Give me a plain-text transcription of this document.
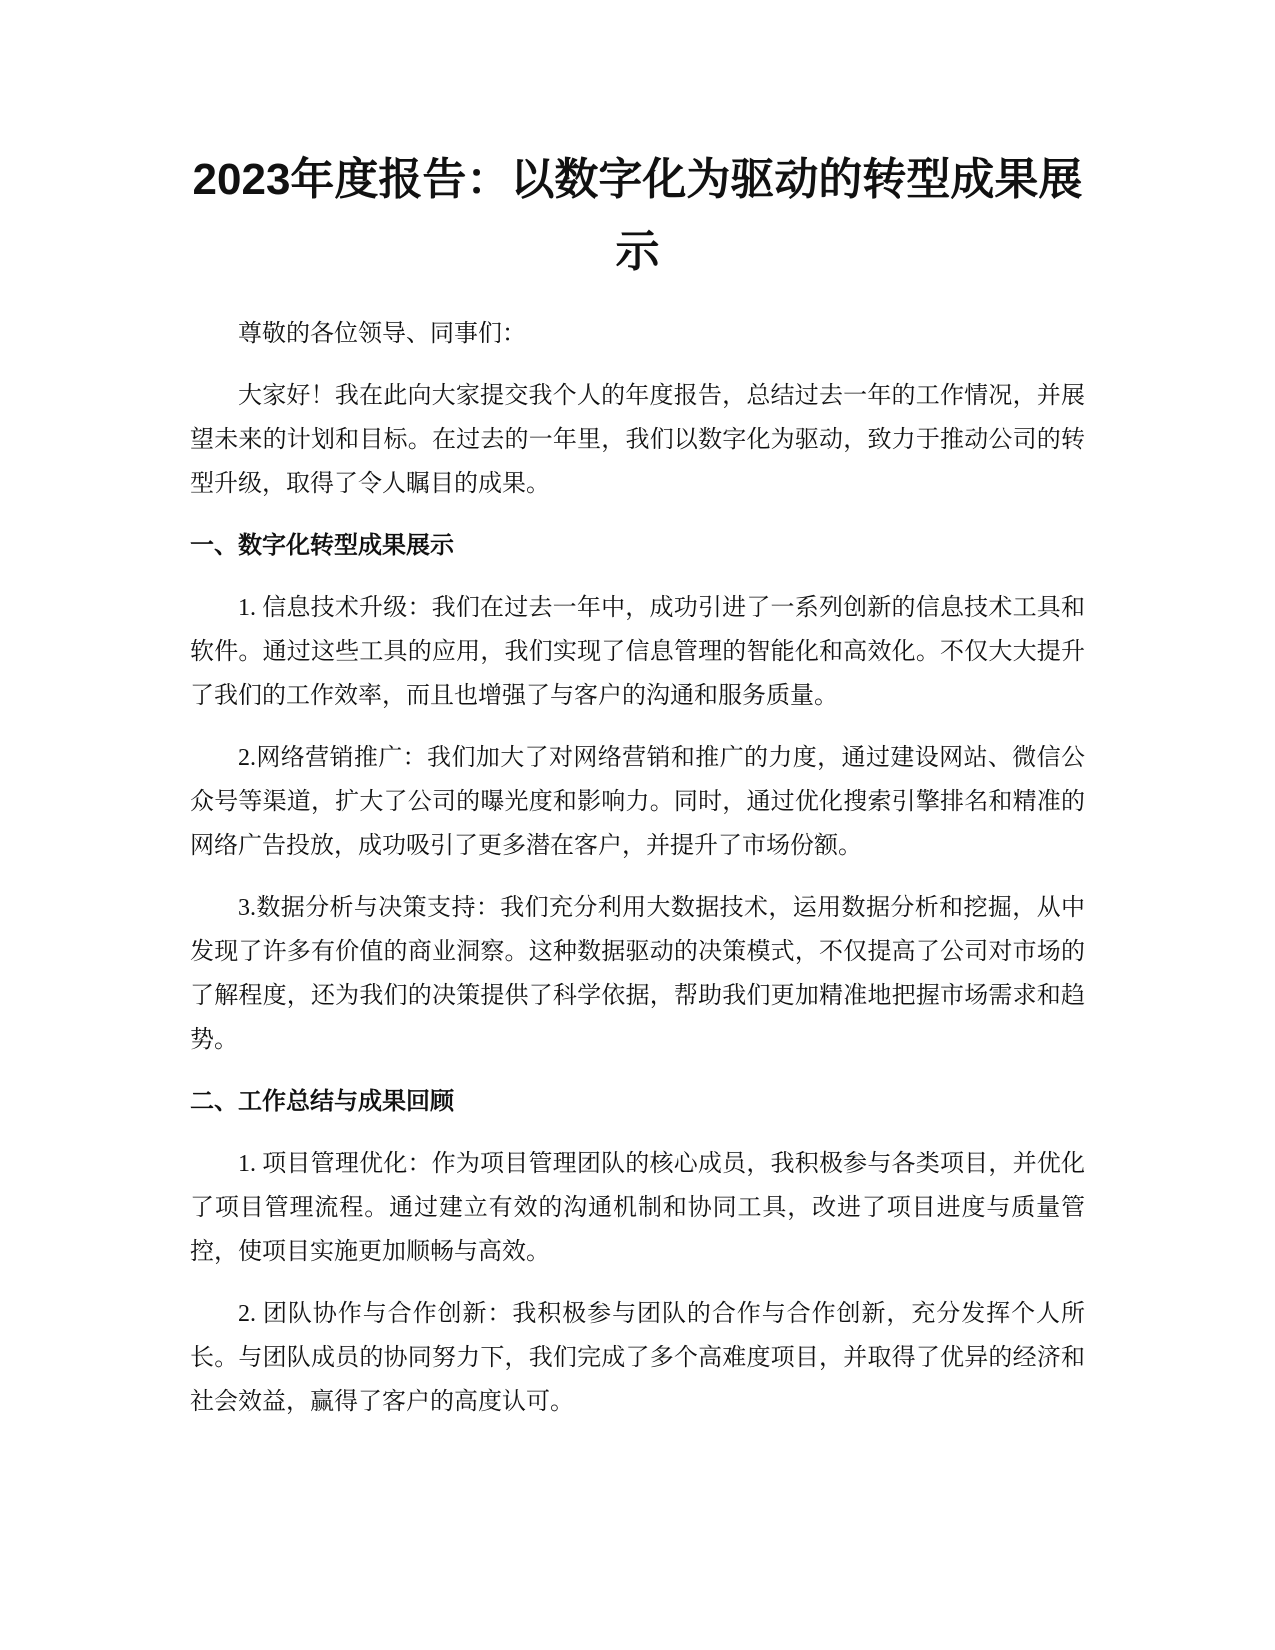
2023年度报告：以数字化为驱动的转型成果展示

尊敬的各位领导、同事们：

大家好！我在此向大家提交我个人的年度报告，总结过去一年的工作情况，并展望未来的计划和目标。在过去的一年里，我们以数字化为驱动，致力于推动公司的转型升级，取得了令人瞩目的成果。

一、数字化转型成果展示

1. 信息技术升级：我们在过去一年中，成功引进了一系列创新的信息技术工具和软件。通过这些工具的应用，我们实现了信息管理的智能化和高效化。不仅大大提升了我们的工作效率，而且也增强了与客户的沟通和服务质量。

2.网络营销推广：我们加大了对网络营销和推广的力度，通过建设网站、微信公众号等渠道，扩大了公司的曝光度和影响力。同时，通过优化搜索引擎排名和精准的网络广告投放，成功吸引了更多潜在客户，并提升了市场份额。

3.数据分析与决策支持：我们充分利用大数据技术，运用数据分析和挖掘，从中发现了许多有价值的商业洞察。这种数据驱动的决策模式，不仅提高了公司对市场的了解程度，还为我们的决策提供了科学依据，帮助我们更加精准地把握市场需求和趋势。

二、工作总结与成果回顾

1. 项目管理优化：作为项目管理团队的核心成员，我积极参与各类项目，并优化了项目管理流程。通过建立有效的沟通机制和协同工具，改进了项目进度与质量管控，使项目实施更加顺畅与高效。

2. 团队协作与合作创新：我积极参与团队的合作与合作创新，充分发挥个人所长。与团队成员的协同努力下，我们完成了多个高难度项目，并取得了优异的经济和社会效益，赢得了客户的高度认可。
